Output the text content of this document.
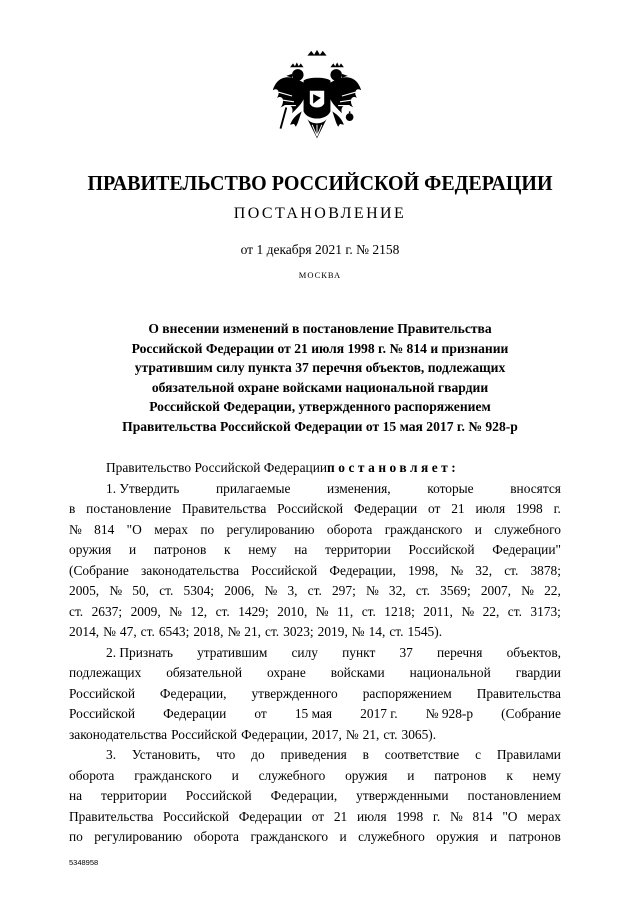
ПРАВИТЕЛЬСТВО РОССИЙСКОЙ ФЕДЕРАЦИИ
ПОСТАНОВЛЕНИЕ
от 1 декабря 2021 г. № 2158
МОСКВА
О внесении изменений в постановление Правительства
Российской Федерации от 21 июля 1998 г. № 814 и признании
утратившим силу пункта 37 перечня объектов, подлежащих
обязательной охране войсками национальной гвардии
Российской Федерации, утвержденного распоряжением
Правительства Российской Федерации от 15 мая 2017 г. № 928-р
Правительство Российской Федерации постановляет:
1. Утвердить	прилагаемые	изменения,	которые	вносятся
в постановление Правительства Российской Федерации от 21 июля 1998 г.
№ 814 "О мерах по регулированию оборота гражданского и служебного
оружия и патронов к нему на территории Российской Федерации"
(Собрание законодательства Российской Федерации, 1998, № 32, ст. 3878;
2005, № 50, ст. 5304; 2006, № 3, ст. 297; № 32, ст. 3569; 2007, № 22,
ст. 2637; 2009, № 12, ст. 1429; 2010, № 11, ст. 1218; 2011, № 22, ст. 3173;
2014, № 47, ст. 6543; 2018, № 21, ст. 3023; 2019, № 14, ст. 1545).
2. Признать утратившим силу пункт 37 перечня объектов,
подлежащих обязательной охране войсками национальной гвардии
Российской Федерации, утвержденного распоряжением Правительства
Российской Федерации от 15 мая 2017 г. № 928-р (Собрание
законодательства Российской Федерации, 2017, № 21, ст. 3065).
3. Установить, что до приведения в соответствие с Правилами
оборота гражданского и служебного оружия и патронов к нему
на территории Российской Федерации, утвержденными постановлением
Правительства Российской Федерации от 21 июля 1998 г. № 814 "О мерах
по регулированию оборота гражданского и служебного оружия и патронов
5348958
